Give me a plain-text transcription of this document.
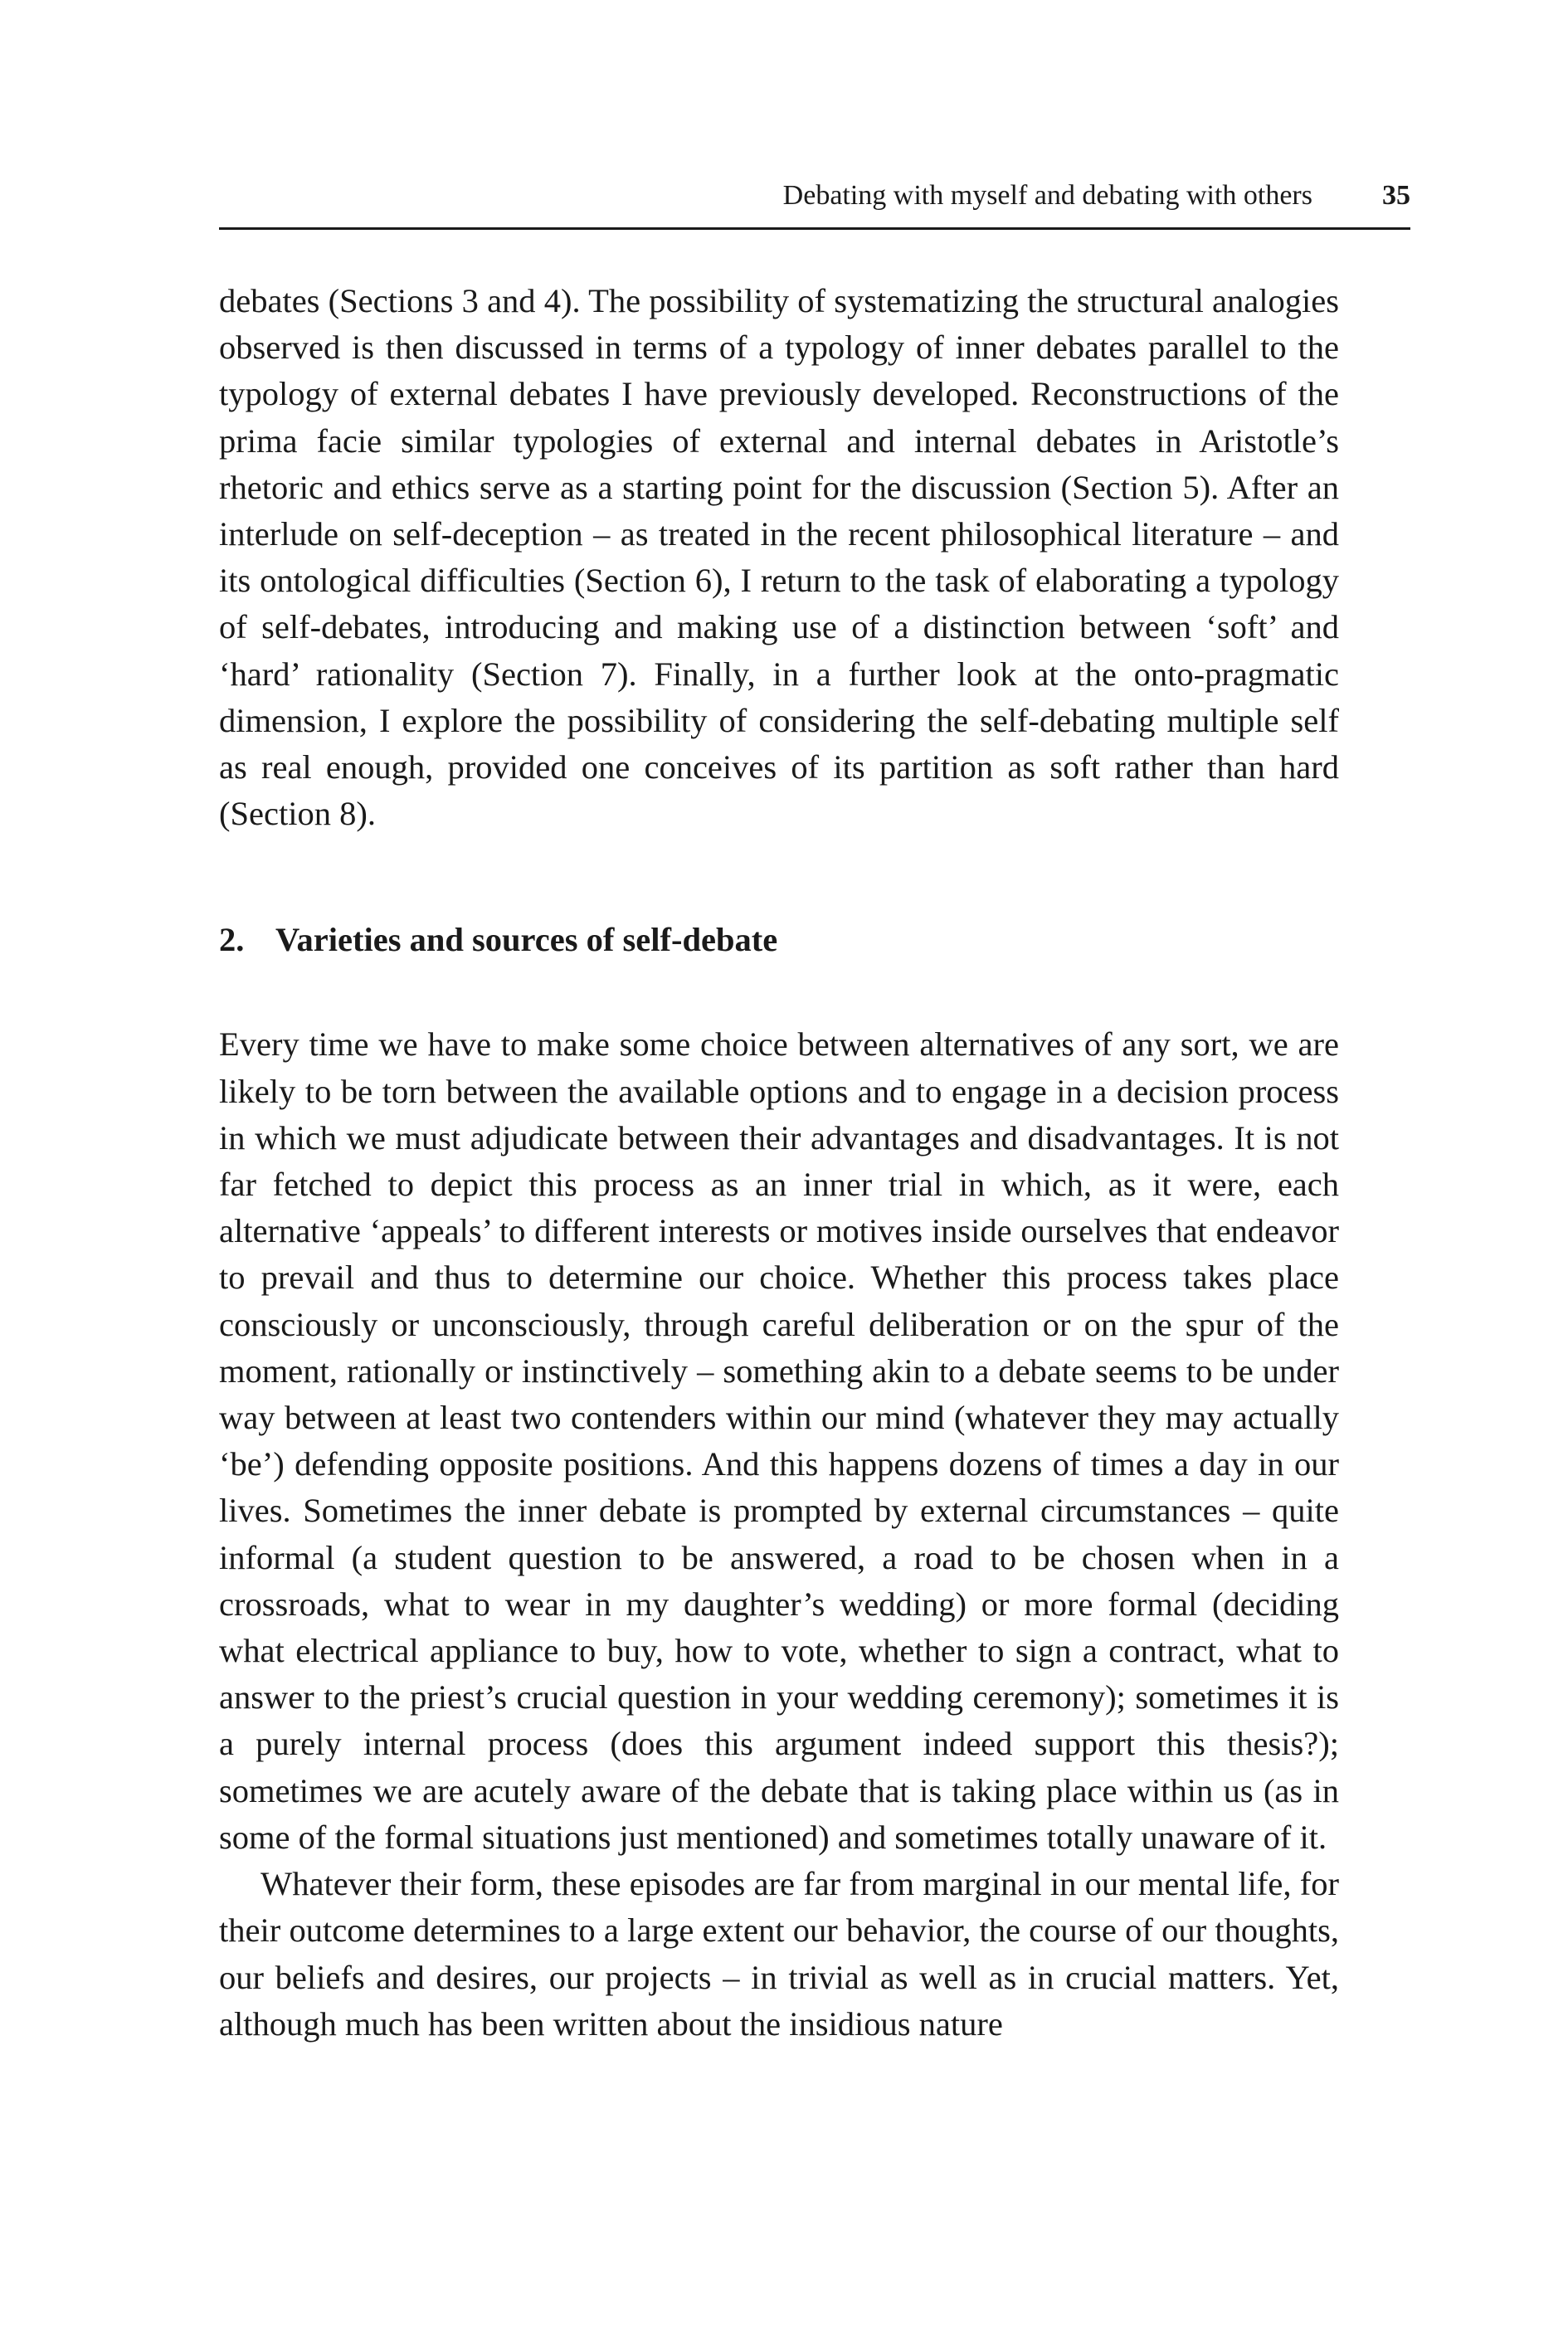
Debating with myself and debating with others 35

debates (Sections 3 and 4). The possibility of systematizing the structural analogies observed is then discussed in terms of a typology of inner debates parallel to the typology of external debates I have previously developed. Reconstructions of the prima facie similar typologies of external and internal debates in Aristotle’s rhetoric and ethics serve as a starting point for the discussion (Section 5). After an interlude on self-deception – as treated in the recent philosophical literature – and its ontological difficulties (Section 6), I return to the task of elaborating a typology of self-debates, introducing and making use of a distinction between ‘soft’ and ‘hard’ rationality (Section 7). Finally, in a further look at the onto-pragmatic dimension, I explore the possibility of considering the self-debating multiple self as real enough, provided one conceives of its partition as soft rather than hard (Section 8).

2. Varieties and sources of self-debate

Every time we have to make some choice between alternatives of any sort, we are likely to be torn between the available options and to engage in a decision process in which we must adjudicate between their advantages and disadvantages. It is not far fetched to depict this process as an inner trial in which, as it were, each alternative ‘appeals’ to different interests or motives inside ourselves that endeavor to prevail and thus to determine our choice. Whether this process takes place consciously or unconsciously, through careful deliberation or on the spur of the moment, rationally or instinctively – something akin to a debate seems to be under way between at least two contenders within our mind (whatever they may actually ‘be’) defending opposite positions. And this happens dozens of times a day in our lives. Sometimes the inner debate is prompted by external circumstances – quite informal (a student question to be answered, a road to be chosen when in a crossroads, what to wear in my daughter’s wedding) or more formal (deciding what electrical appliance to buy, how to vote, whether to sign a contract, what to answer to the priest’s crucial question in your wedding ceremony); sometimes it is a purely internal process (does this argument indeed support this thesis?); sometimes we are acutely aware of the debate that is taking place within us (as in some of the formal situations just mentioned) and sometimes totally unaware of it.

Whatever their form, these episodes are far from marginal in our mental life, for their outcome determines to a large extent our behavior, the course of our thoughts, our beliefs and desires, our projects – in trivial as well as in crucial matters. Yet, although much has been written about the insidious nature
